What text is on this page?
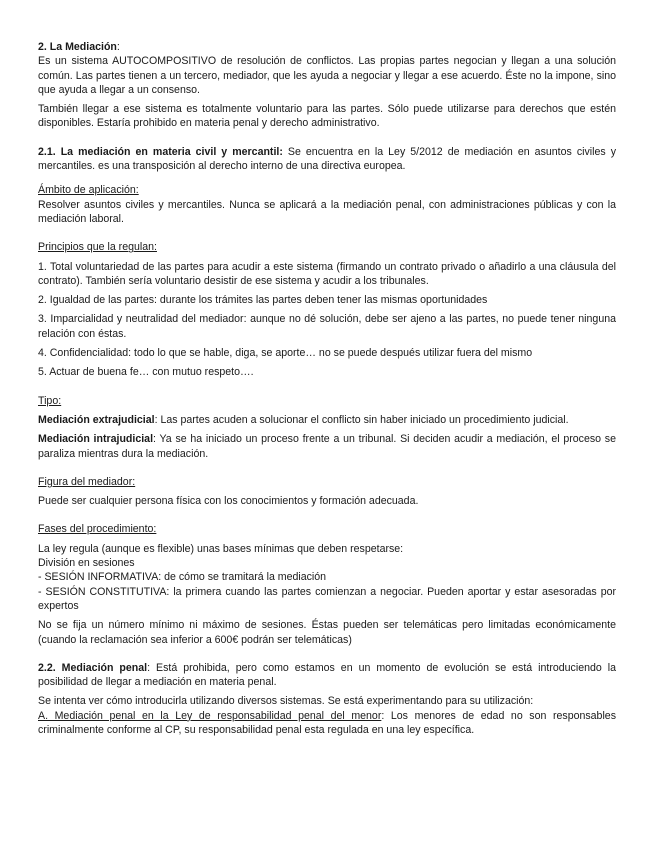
2. La Mediación:

Es un sistema AUTOCOMPOSITIVO de resolución de conflictos. Las propias partes negocian y llegan a una solución común. Las partes tienen a un tercero, mediador, que les ayuda a negociar y llegar a ese acuerdo. Éste no la impone, sino que ayuda a llegar a un consenso.

También llegar a ese sistema es totalmente voluntario para las partes. Sólo puede utilizarse para derechos que estén disponibles. Estaría prohibido en materia penal y derecho administrativo.

2.1. La mediación en materia civil y mercantil: Se encuentra en la Ley 5/2012 de mediación en asuntos civiles y mercantiles. es una transposición al derecho interno de una directiva europea.

Ámbito de aplicación:

Resolver asuntos civiles y mercantiles. Nunca se aplicará a la mediación penal, con administraciones públicas y con la mediación laboral.

Principios que la regulan:

1. Total voluntariedad de las partes para acudir a este sistema (firmando un contrato privado o añadirlo a una cláusula del contrato). También sería voluntario desistir de ese sistema y acudir a los tribunales.

2. Igualdad de las partes: durante los trámites las partes deben tener las mismas oportunidades

3. Imparcialidad y neutralidad del mediador: aunque no dé solución, debe ser ajeno a las partes, no puede tener ninguna relación con éstas.

4. Confidencialidad: todo lo que se hable, diga, se aporte… no se puede después utilizar fuera del mismo

5. Actuar de buena fe… con mutuo respeto….

Tipo:

Mediación extrajudicial: Las partes acuden a solucionar el conflicto sin haber iniciado un procedimiento judicial.

Mediación intrajudicial: Ya se ha iniciado un proceso frente a un tribunal. Si deciden acudir a mediación, el proceso se paraliza mientras dura la mediación.

Figura del mediador:

Puede ser cualquier persona física con los conocimientos y formación adecuada.

Fases del procedimiento:

La ley regula (aunque es flexible) unas bases mínimas que deben respetarse:

División en sesiones

- SESIÓN INFORMATIVA: de cómo se tramitará la mediación

- SESIÓN CONSTITUTIVA: la primera cuando las partes comienzan a negociar. Pueden aportar y estar asesoradas por expertos

No se fija un número mínimo ni máximo de sesiones. Éstas pueden ser telemáticas pero limitadas económicamente (cuando la reclamación sea inferior a 600€ podrán ser telemáticas)

2.2. Mediación penal: Está prohibida, pero como estamos en un momento de evolución se está introduciendo la posibilidad de llegar a mediación en materia penal.

Se intenta ver cómo introducirla utilizando diversos sistemas. Se está experimentando para su utilización:

A. Mediación penal en la Ley de responsabilidad penal del menor: Los menores de edad no son responsables criminalmente conforme al CP, su responsabilidad penal esta regulada en una ley específica.
